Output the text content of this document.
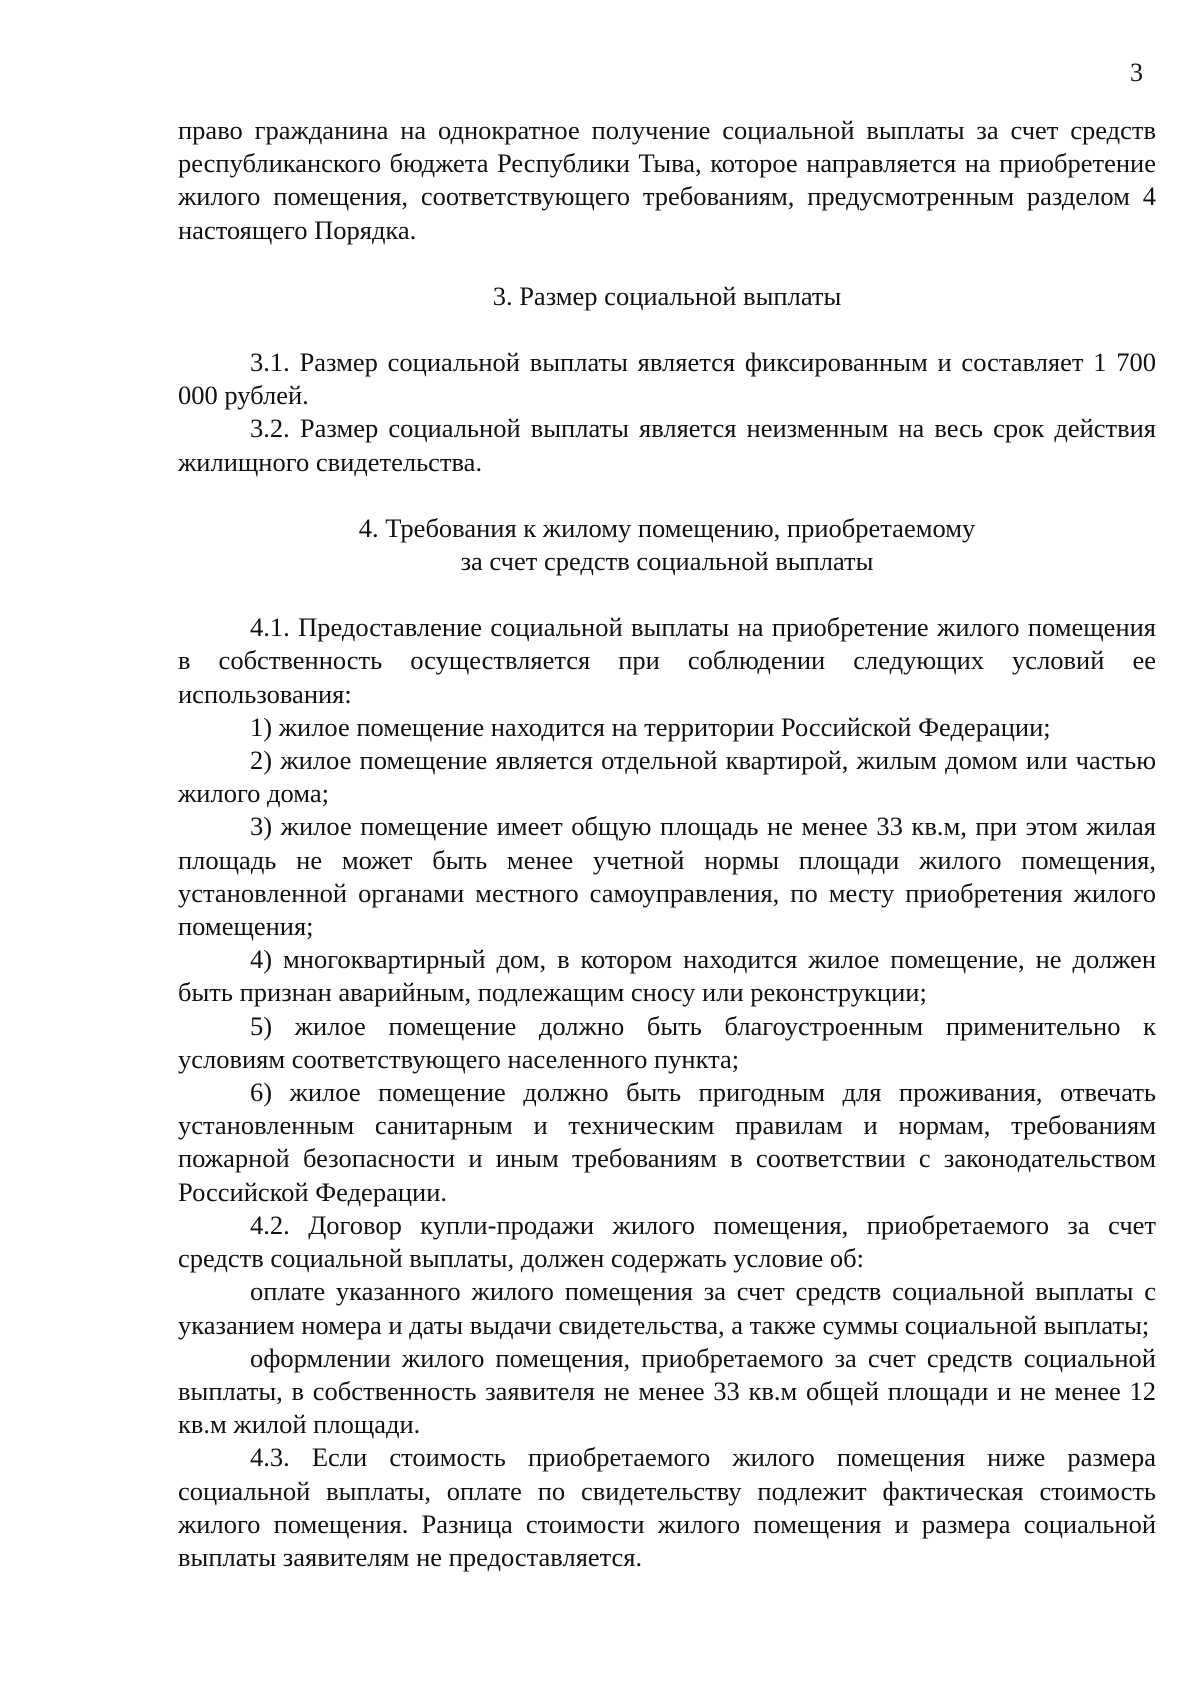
3

право гражданина на однократное получение социальной выплаты за счет средств республиканского бюджета Республики Тыва, которое направляется на приобретение жилого помещения, соответствующего требованиям, предусмотренным разделом 4 настоящего Порядка.

3. Размер социальной выплаты

3.1. Размер социальной выплаты является фиксированным и составляет 1 700 000 рублей.

3.2. Размер социальной выплаты является неизменным на весь срок действия жилищного свидетельства.

4. Требования к жилому помещению, приобретаемому
за счет средств социальной выплаты

4.1. Предоставление социальной выплаты на приобретение жилого помещения в собственность осуществляется при соблюдении следующих условий ее использования:

1) жилое помещение находится на территории Российской Федерации;

2) жилое помещение является отдельной квартирой, жилым домом или частью жилого дома;

3) жилое помещение имеет общую площадь не менее 33 кв.м, при этом жилая площадь не может быть менее учетной нормы площади жилого помещения, установленной органами местного самоуправления, по месту приобретения жилого помещения;

4) многоквартирный дом, в котором находится жилое помещение, не должен быть признан аварийным, подлежащим сносу или реконструкции;

5) жилое помещение должно быть благоустроенным применительно к условиям соответствующего населенного пункта;

6) жилое помещение должно быть пригодным для проживания, отвечать установленным санитарным и техническим правилам и нормам, требованиям пожарной безопасности и иным требованиям в соответствии с законодательством Российской Федерации.

4.2. Договор купли-продажи жилого помещения, приобретаемого за счет средств социальной выплаты, должен содержать условие об:

оплате указанного жилого помещения за счет средств социальной выплаты с указанием номера и даты выдачи свидетельства, а также суммы социальной выплаты;

оформлении жилого помещения, приобретаемого за счет средств социальной выплаты, в собственность заявителя не менее 33 кв.м общей площади и не менее 12 кв.м жилой площади.

4.3. Если стоимость приобретаемого жилого помещения ниже размера социальной выплаты, оплате по свидетельству подлежит фактическая стоимость жилого помещения. Разница стоимости жилого помещения и размера социальной выплаты заявителям не предоставляется.
